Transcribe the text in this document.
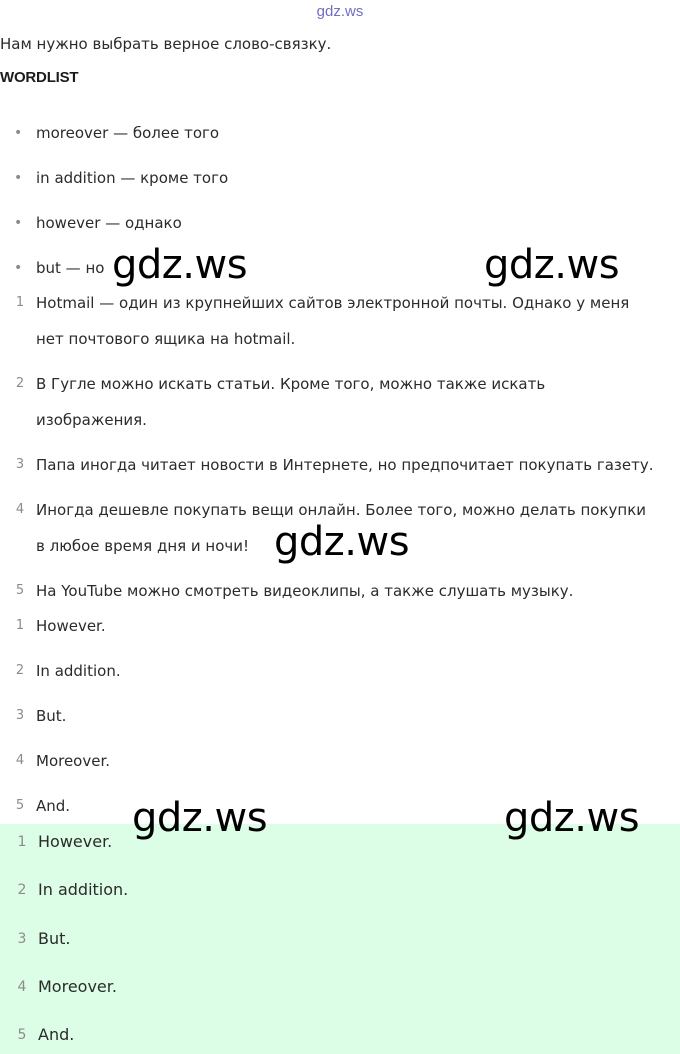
gdz.ws
Нам нужно выбрать верное слово-связку.
WORDLIST
• moreover — более того
• in addition — кроме того
• however — однако
• but — но
1 Hotmail — один из крупнейших сайтов электронной почты. Однако у меня
нет почтового ящика на hotmail.
2 В Гугле можно искать статьи. Кроме того, можно также искать
изображения.
3 Папа иногда читает новости в Интернете, но предпочитает покупать газету.
4 Иногда дешевле покупать вещи онлайн. Более того, можно делать покупки
в любое время дня и ночи!
5 На YouTube можно смотреть видеоклипы, а также слушать музыку.
1 However.
2 In addition.
3 But.
4 Moreover.
5 And.
1 However.
2 In addition.
3 But.
4 Moreover.
5 And.
gdz.ws	gdz.ws
gdz.ws
gdz.ws	gdz.ws
